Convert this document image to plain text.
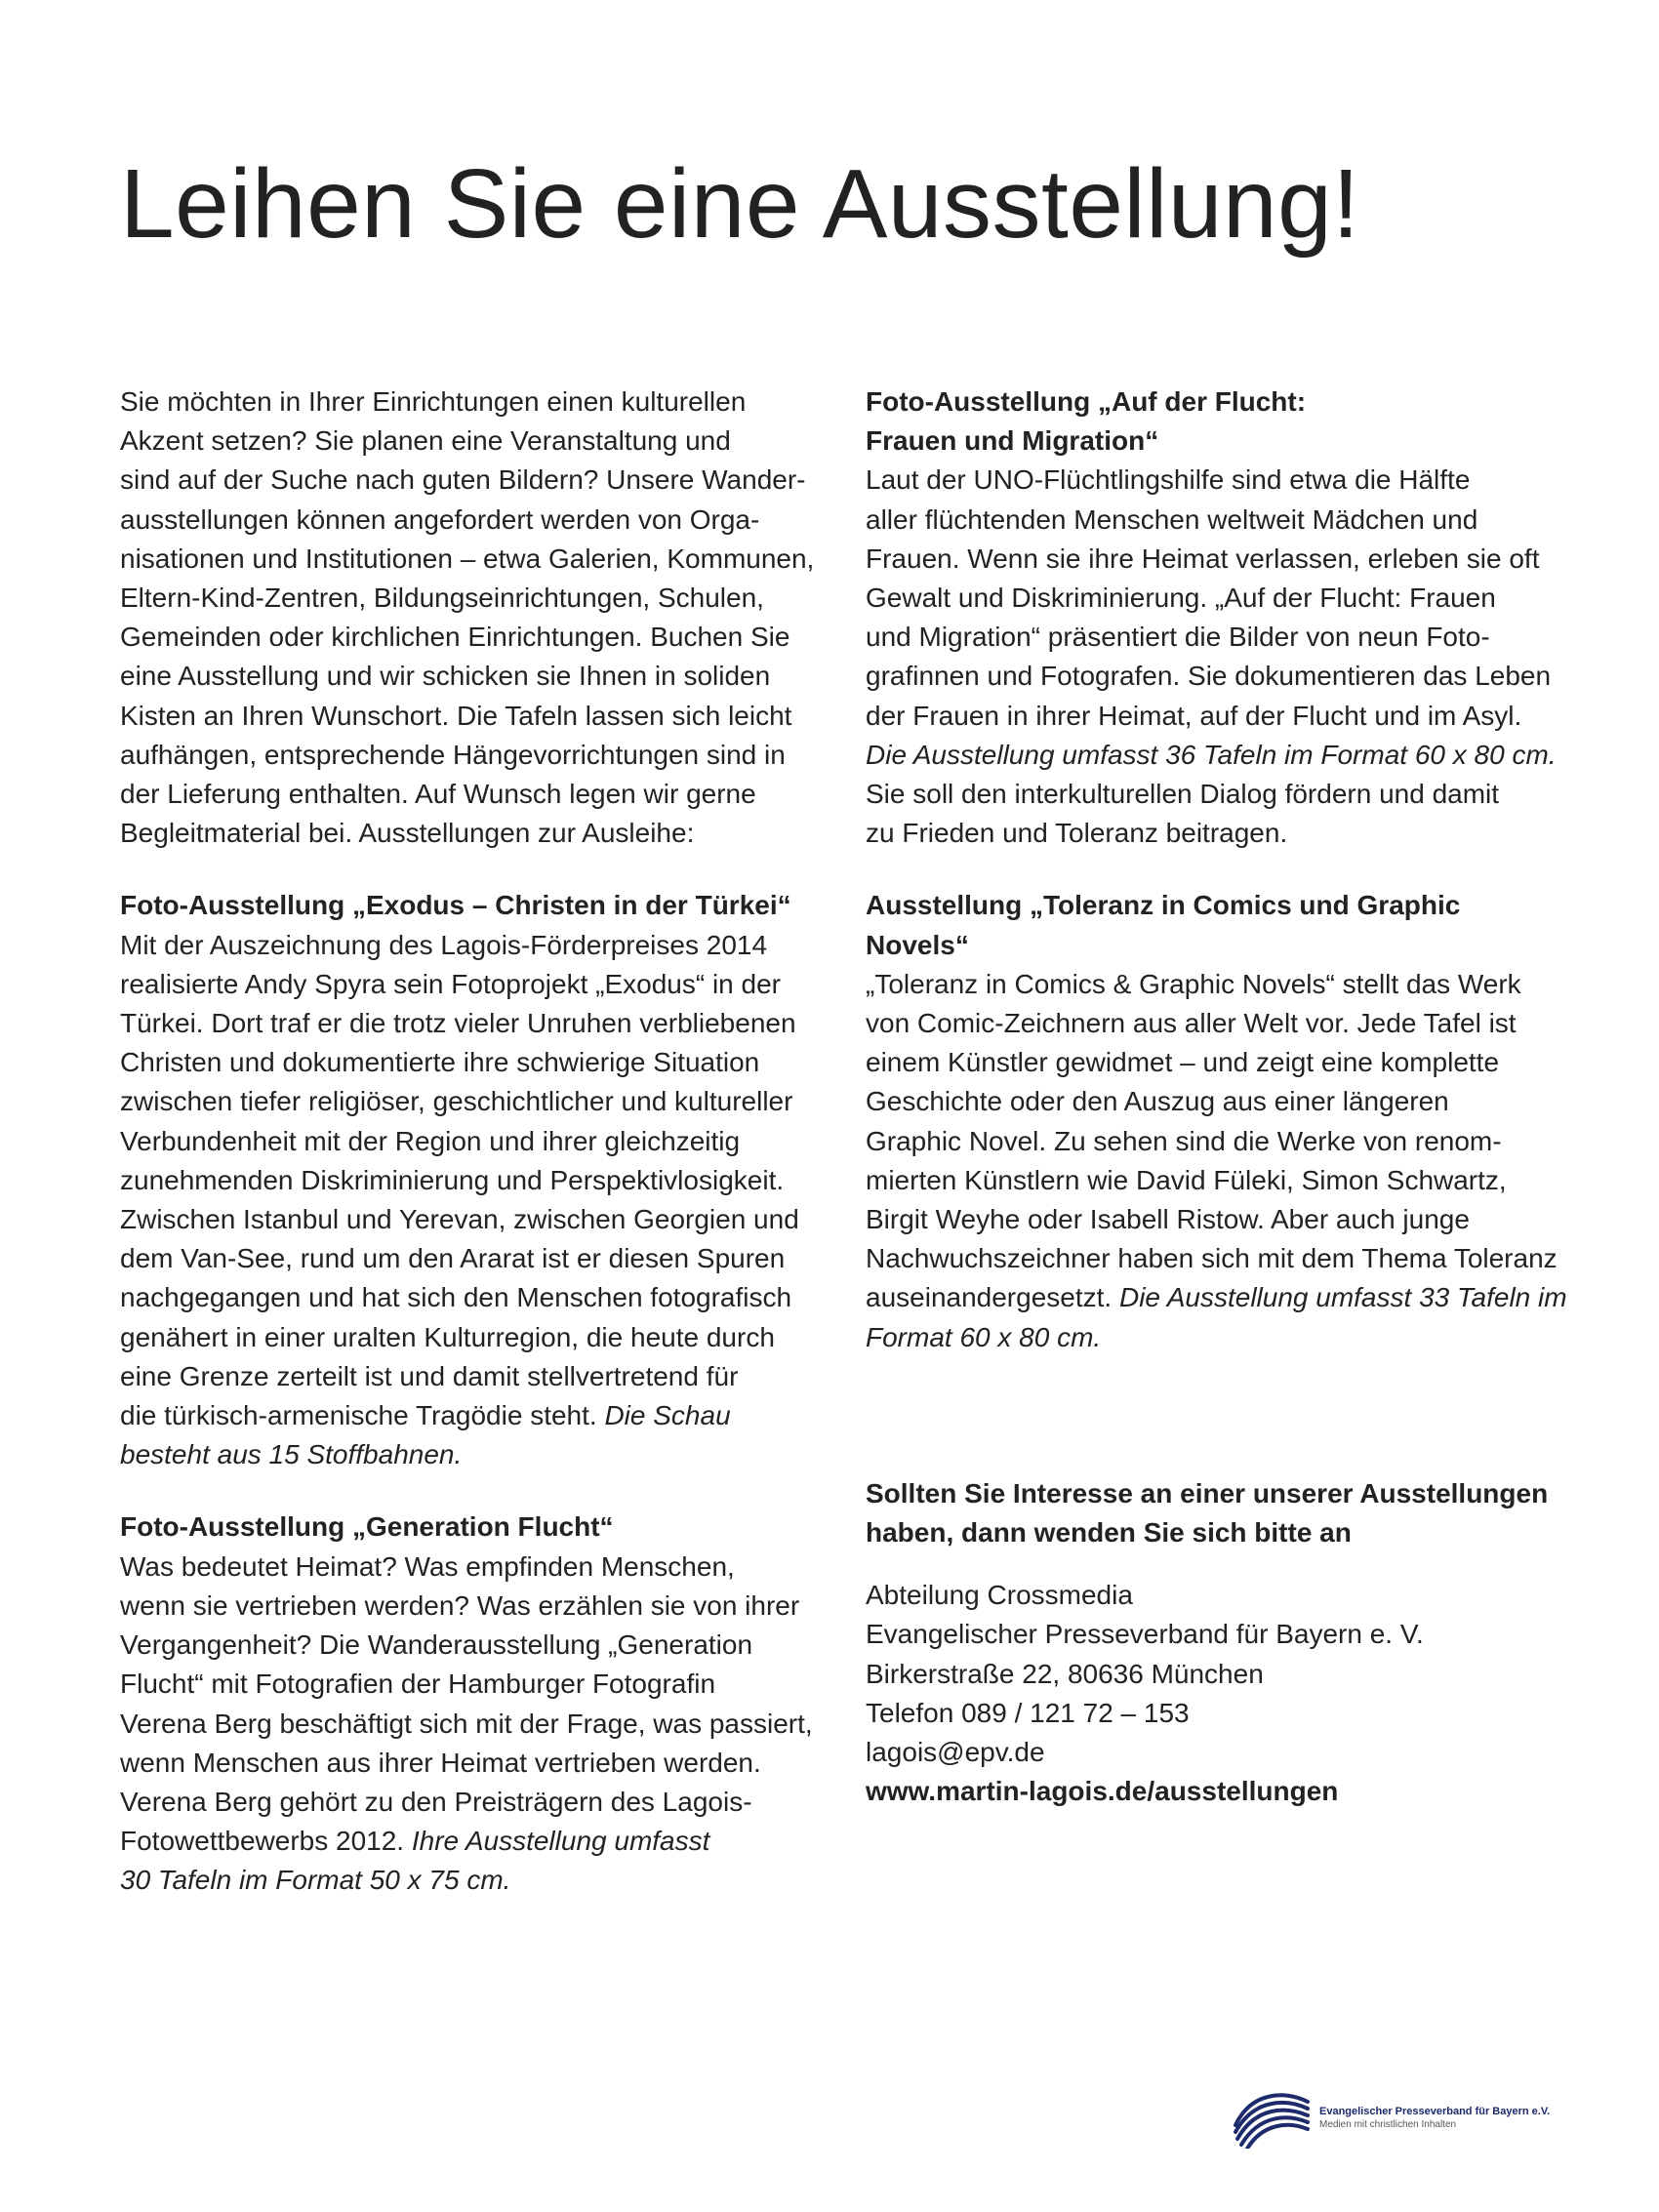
Leihen Sie eine Ausstellung!

Sie möchten in Ihrer Einrichtungen einen kulturellen

Akzent setzen? Sie planen eine Veranstaltung und

sind auf der Suche nach guten Bildern? Unsere Wander-

ausstellungen können angefordert werden von Orga-

nisationen und Institutionen – etwa Galerien, Kommunen,

Eltern-Kind-Zentren, Bildungseinrichtungen, Schulen,

Gemeinden oder kirchlichen Einrichtungen. Buchen Sie

eine Ausstellung und wir schicken sie Ihnen in soliden

Kisten an Ihren Wunschort. Die Tafeln lassen sich leicht

aufhängen, entsprechende Hängevorrichtungen sind in

der Lieferung enthalten. Auf Wunsch legen wir gerne

Begleitmaterial bei. Ausstellungen zur Ausleihe:

Foto-Ausstellung „Exodus – Christen in der Türkei“

Mit der Auszeichnung des Lagois-Förderpreises 2014

realisierte Andy Spyra sein Fotoprojekt „Exodus“ in der

Türkei. Dort traf er die trotz vieler Unruhen verbliebenen

Christen und dokumentierte ihre schwierige Situation

zwischen tiefer religiöser, geschichtlicher und kultureller

Verbundenheit mit der Region und ihrer gleichzeitig

zunehmenden Diskriminierung und Perspektivlosigkeit.

Zwischen Istanbul und Yerevan, zwischen Georgien und

dem Van-See, rund um den Ararat ist er diesen Spuren

nachgegangen und hat sich den Menschen fotografisch

genähert in einer uralten Kulturregion, die heute durch

eine Grenze zerteilt ist und damit stellvertretend für

die türkisch-armenische Tragödie steht. Die Schau

besteht aus 15 Stoffbahnen.

Foto-Ausstellung „Generation Flucht“

Was bedeutet Heimat? Was empfinden Menschen,

wenn sie vertrieben werden? Was erzählen sie von ihrer

Vergangenheit? Die Wanderausstellung „Generation

Flucht“ mit Fotografien der Hamburger Fotografin

Verena Berg beschäftigt sich mit der Frage, was passiert,

wenn Menschen aus ihrer Heimat vertrieben werden.

Verena Berg gehört zu den Preisträgern des Lagois-

Fotowettbewerbs 2012. Ihre Ausstellung umfasst

30 Tafeln im Format 50 x 75 cm.

Foto-Ausstellung „Auf der Flucht:

Frauen und Migration“

Laut der UNO-Flüchtlingshilfe sind etwa die Hälfte

aller flüchtenden Menschen weltweit Mädchen und

Frauen. Wenn sie ihre Heimat verlassen, erleben sie oft

Gewalt und Diskriminierung. „Auf der Flucht: Frauen

und Migration“ präsentiert die Bilder von neun Foto-

grafinnen und Fotografen. Sie dokumentieren das Leben

der Frauen in ihrer Heimat, auf der Flucht und im Asyl.

Die Ausstellung umfasst 36 Tafeln im Format 60 x 80 cm.

Sie soll den interkulturellen Dialog fördern und damit

zu Frieden und Toleranz beitragen.

Ausstellung „Toleranz in Comics und Graphic Novels“

„Toleranz in Comics & Graphic Novels“ stellt das Werk

von Comic-Zeichnern aus aller Welt vor. Jede Tafel ist

einem Künstler gewidmet – und zeigt eine komplette

Geschichte oder den Auszug aus einer längeren

Graphic Novel. Zu sehen sind die Werke von renom-

mierten Künstlern wie David Füleki, Simon Schwartz,

Birgit Weyhe oder Isabell Ristow. Aber auch junge

Nachwuchszeichner haben sich mit dem Thema Toleranz

auseinandergesetzt. Die Ausstellung umfasst 33 Tafeln im

Format 60 x 80 cm.

Sollten Sie Interesse an einer unserer Ausstellungen

haben, dann wenden Sie sich bitte an

Abteilung Crossmedia

Evangelischer Presseverband für Bayern e. V.

Birkerstraße 22, 80636 München

Telefon 089 / 121 72 – 153

lagois@epv.de

www.martin-lagois.de/ausstellungen

Evangelischer Presseverband für Bayern e.V.
Medien mit christlichen Inhalten
